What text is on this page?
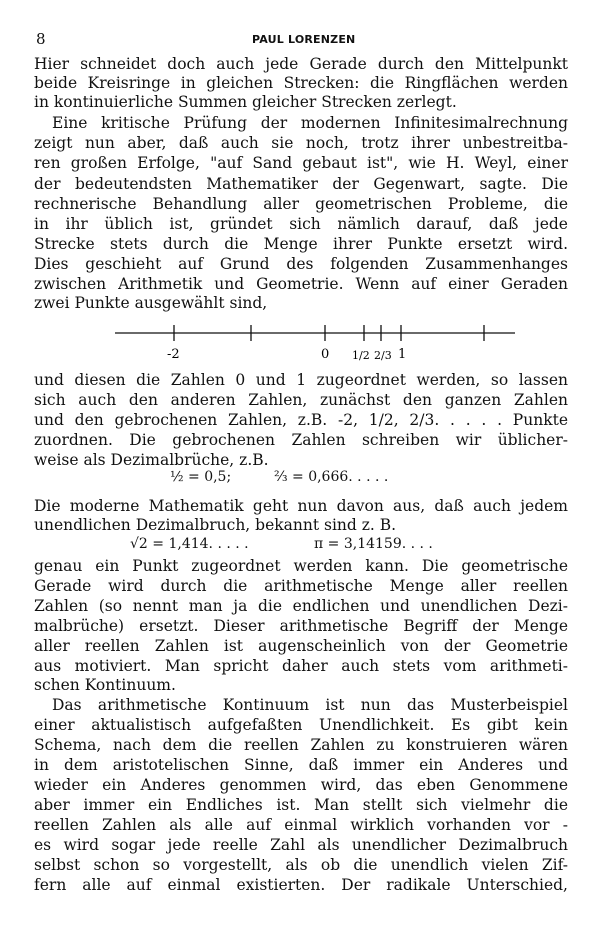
8	PAUL LORENZEN
Hier schneidet doch auch jede Gerade durch den Mittelpunkt
beide Kreisringe in gleichen Strecken: die Ringflächen werden
in kontinuierliche Summen gleicher Strecken zerlegt.
Eine kritische Prüfung der modernen Infinitesimalrechnung
zeigt nun aber, daß auch sie noch, trotz ihrer unbestreitba-
ren großen Erfolge, "auf Sand gebaut ist", wie H. Weyl, einer
der bedeutendsten Mathematiker der Gegenwart, sagte. Die
rechnerische Behandlung aller geometrischen Probleme, die
in ihr üblich ist, gründet sich nämlich darauf, daß jede
Strecke stets durch die Menge ihrer Punkte ersetzt wird.
Dies geschieht auf Grund des folgenden Zusammenhanges
zwischen Arithmetik und Geometrie. Wenn auf einer Geraden
zwei Punkte ausgewählt sind,
-2	0 1/2 2/3 1
und diesen die Zahlen 0 und 1 zugeordnet werden, so lassen
sich auch den anderen Zahlen, zunächst den ganzen Zahlen
und den gebrochenen Zahlen, z.B. -2, 1/2, 2/3. . . . . Punkte
zuordnen. Die gebrochenen Zahlen schreiben wir üblicher-
weise als Dezimalbrüche, z.B.
½ = 0,5;	⅔ = 0,666. . . . .
Die moderne Mathematik geht nun davon aus, daß auch jedem
unendlichen Dezimalbruch, bekannt sind z. B.
√2 = 1,414. . . . .	π = 3,14159. . . .
genau ein Punkt zugeordnet werden kann. Die geometrische
Gerade wird durch die arithmetische Menge aller reellen
Zahlen (so nennt man ja die endlichen und unendlichen Dezi-
malbrüche) ersetzt. Dieser arithmetische Begriff der Menge
aller reellen Zahlen ist augenscheinlich von der Geometrie
aus motiviert. Man spricht daher auch stets vom arithmeti-
schen Kontinuum.
Das arithmetische Kontinuum ist nun das Musterbeispiel
einer aktualistisch aufgefaßten Unendlichkeit. Es gibt kein
Schema, nach dem die reellen Zahlen zu konstruieren wären
in dem aristotelischen Sinne, daß immer ein Anderes und
wieder ein Anderes genommen wird, das eben Genommene
aber immer ein Endliches ist. Man stellt sich vielmehr die
reellen Zahlen als alle auf einmal wirklich vorhanden vor -
es wird sogar jede reelle Zahl als unendlicher Dezimalbruch
selbst schon so vorgestellt, als ob die unendlich vielen Zif-
fern alle auf einmal existierten. Der radikale Unterschied,
